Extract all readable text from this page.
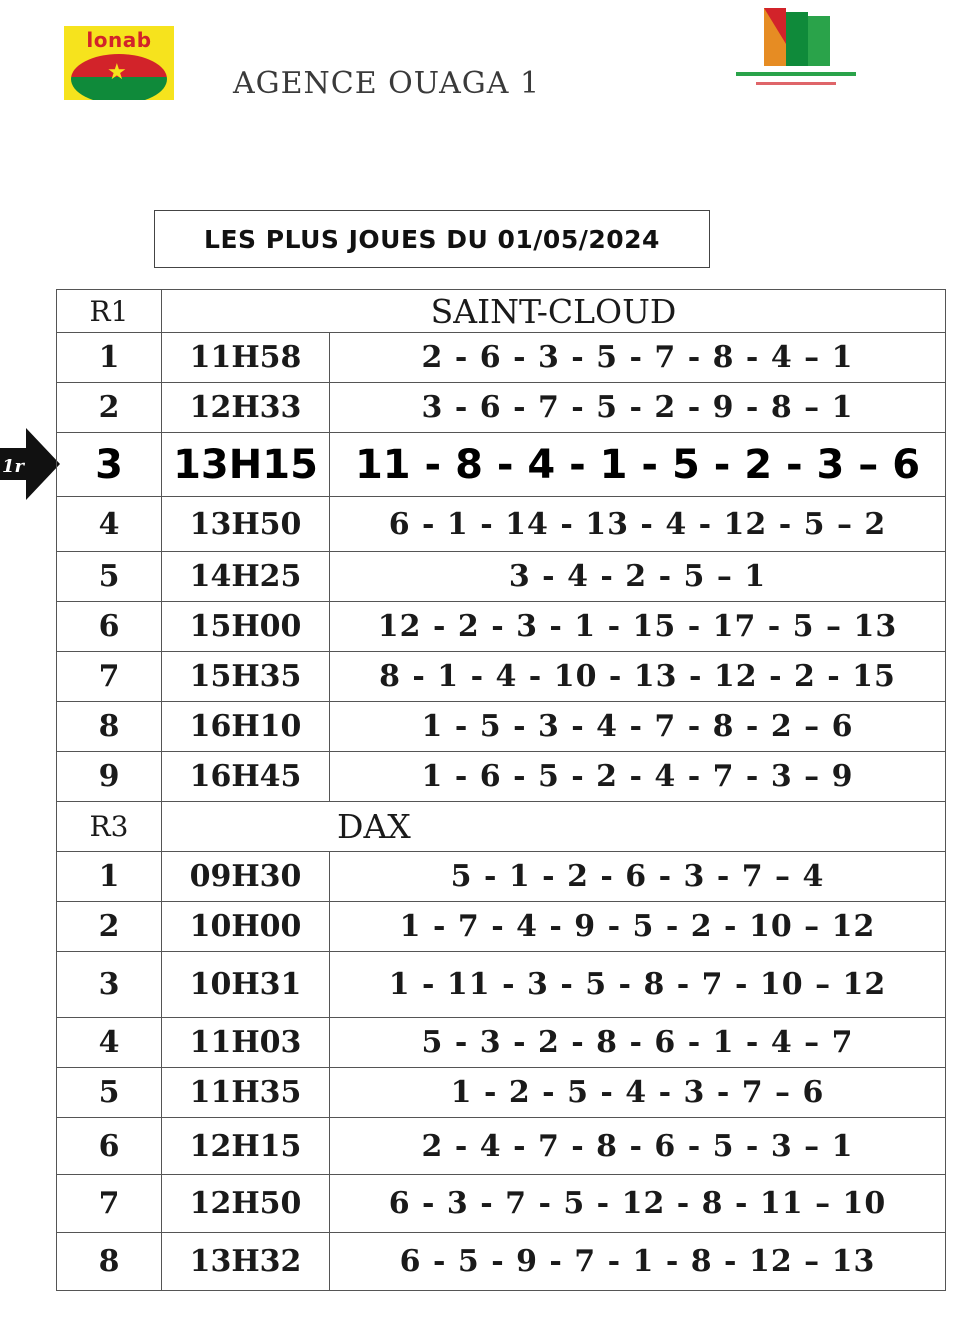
lonab
★	AGENCE OUAGA 1
LES PLUS JOUES DU 01/05/2024
1r
R1	SAINT-CLOUD	
1	11H58	2 - 6 - 3 - 5 - 7 - 8 - 4 – 1
2	12H33	3 - 6 - 7 - 5 - 2 - 9 - 8 – 1
3	13H15	11 - 8 - 4 - 1 - 5 - 2 - 3 – 6
4	13H50	6 - 1 - 14 - 13 - 4 - 12 - 5 – 2
5	14H25	3 - 4 - 2 - 5 – 1
6	15H00	12 - 2 - 3 - 1 - 15 - 17 - 5 – 13
7	15H35	8 - 1 - 4 - 10 - 13 - 12 - 2 - 15
8	16H10	1 - 5 - 3 - 4 - 7 - 8 - 2 – 6
9	16H45	1 - 6 - 5 - 2 - 4 - 7 - 3 – 9
R3	DAX	
1	09H30	5 - 1 - 2 - 6 - 3 - 7 – 4
2	10H00	1 - 7 - 4 - 9 - 5 - 2 - 10 – 12
3	10H31	1 - 11 - 3 - 5 - 8 - 7 - 10 – 12
4	11H03	5 - 3 - 2 - 8 - 6 - 1 - 4 – 7
5	11H35	1 - 2 - 5 - 4 - 3 - 7 – 6
6	12H15	2 - 4 - 7 - 8 - 6 - 5 - 3 – 1
7	12H50	6 - 3 - 7 - 5 - 12 - 8 - 11 – 10
8	13H32	6 - 5 - 9 - 7 - 1 - 8 - 12 – 13
